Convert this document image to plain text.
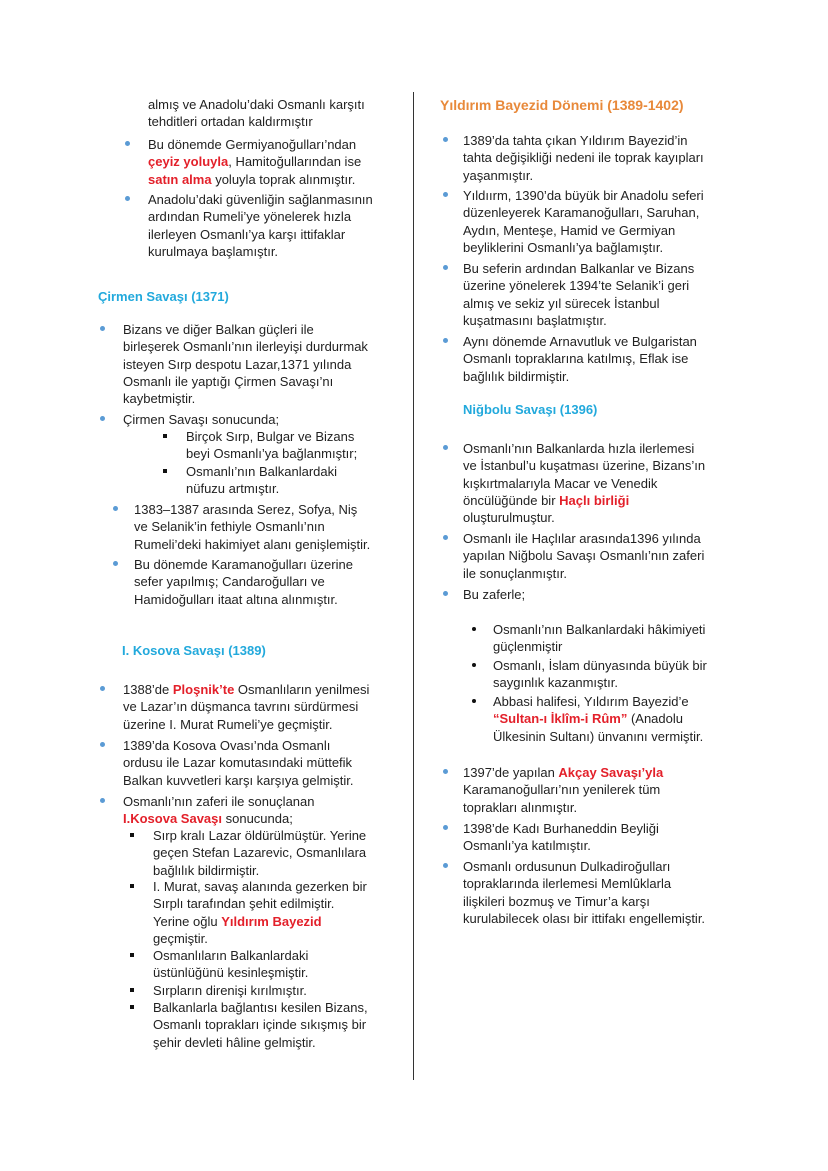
almış ve Anadolu’daki Osmanlı karşıtı
tehditleri ortadan kaldırmıştır
Bu dönemde Germiyanoğulları’ndan
çeyiz yoluyla, Hamitoğullarından ise
satın alma yoluyla toprak alınmıştır.
Anadolu’daki güvenliğin sağlanmasının
ardından Rumeli’ye yönelerek hızla
ilerleyen Osmanlı’ya karşı ittifaklar
kurulmaya başlamıştır.
Çirmen Savaşı (1371)
Bizans ve diğer Balkan güçleri ile
birleşerek Osmanlı’nın ilerleyişi durdurmak
isteyen Sırp despotu Lazar,1371 yılında
Osmanlı ile yaptığı Çirmen Savaşı’nı
kaybetmiştir.
Çirmen Savaşı sonucunda;
Birçok Sırp, Bulgar ve Bizans
beyi Osmanlı’ya bağlanmıştır;
Osmanlı’nın Balkanlardaki
nüfuzu artmıştır.
1383–1387 arasında Serez, Sofya, Niş
ve Selanik’in fethiyle Osmanlı’nın
Rumeli’deki hakimiyet alanı genişlemiştir.
Bu dönemde Karamanoğulları üzerine
sefer yapılmış; Candaroğulları ve
Hamidoğulları itaat altına alınmıştır.
I. Kosova Savaşı (1389)
1388’de Ploşnik’te Osmanlıların yenilmesi
ve Lazar’ın düşmanca tavrını sürdürmesi
üzerine I. Murat Rumeli’ye geçmiştir.
1389’da Kosova Ovası’nda Osmanlı
ordusu ile Lazar komutasındaki müttefik
Balkan kuvvetleri karşı karşıya gelmiştir.
Osmanlı’nın zaferi ile sonuçlanan
I.Kosova Savaşı sonucunda;
Sırp kralı Lazar öldürülmüştür. Yerine
geçen Stefan Lazarevic, Osmanlılara
bağlılık bildirmiştir.
I. Murat, savaş alanında gezerken bir
Sırplı tarafından şehit edilmiştir.
Yerine oğlu Yıldırım Bayezid
geçmiştir.
Osmanlıların Balkanlardaki
üstünlüğünü kesinleşmiştir.
Sırpların direnişi kırılmıştır.
Balkanlarla bağlantısı kesilen Bizans,
Osmanlı toprakları içinde sıkışmış bir
şehir devleti hâline gelmiştir.
Yıldırım Bayezid Dönemi (1389-1402)
1389’da tahta çıkan Yıldırım Bayezid’in
tahta değişikliği nedeni ile toprak kayıpları
yaşanmıştır.
Yıldıırm, 1390’da büyük bir Anadolu seferi
düzenleyerek Karamanoğulları, Saruhan,
Aydın, Menteşe, Hamid ve Germiyan
beyliklerini Osmanlı’ya bağlamıştır.
Bu seferin ardından Balkanlar ve Bizans
üzerine yönelerek 1394’te Selanik’i geri
almış ve sekiz yıl sürecek İstanbul
kuşatmasını başlatmıştır.
Aynı dönemde Arnavutluk ve Bulgaristan
Osmanlı topraklarına katılmış, Eflak ise
bağlılık bildirmiştir.
Niğbolu Savaşı (1396)
Osmanlı’nın Balkanlarda hızla ilerlemesi
ve İstanbul’u kuşatması üzerine, Bizans’ın
kışkırtmalarıyla Macar ve Venedik
öncülüğünde bir Haçlı birliği
oluşturulmuştur.
Osmanlı ile Haçlılar arasında1396 yılında
yapılan Niğbolu Savaşı Osmanlı’nın zaferi
ile sonuçlanmıştır.
Bu zaferle;
Osmanlı’nın Balkanlardaki hâkimiyeti
güçlenmiştir
Osmanlı, İslam dünyasında büyük bir
saygınlık kazanmıştır.
Abbasi halifesi, Yıldırım Bayezid’e
“Sultan-ı İklîm-i Rûm” (Anadolu
Ülkesinin Sultanı) ünvanını vermiştir.
1397’de yapılan Akçay Savaşı’yla
Karamanoğulları’nın yenilerek tüm
toprakları alınmıştır.
1398’de Kadı Burhaneddin Beyliği
Osmanlı’ya katılmıştır.
Osmanlı ordusunun Dulkadiroğulları
topraklarında ilerlemesi Memlûklarla
ilişkileri bozmuş ve Timur’a karşı
kurulabilecek olası bir ittifakı engellemiştir.
